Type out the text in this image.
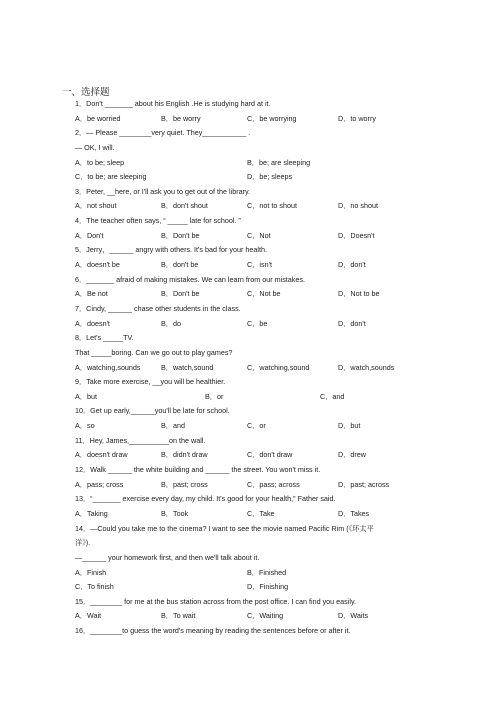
一、选择题
1．Don't _______ about his English .He is studying hard at it.
A．be worried	B．be worry	C．be worrying	D．to worry
2．— Please ________very quiet. They___________ .
— OK, I will.
A．to be; sleep	B．be; are sleeping
C．to be; are sleeping	D．be; sleeps
3．Peter, __here, or I'll ask you to get out of the library.
A．not shout	B．don't shout	C．not to shout	D．no shout
4．The teacher often says, “ _____ late for school. ”
A．Don't	B．Don't be	C．Not	D．Doesn't
5．Jerry，______ angry with others. It's bad for your health.
A．doesn't be	B．don't be	C．isn't	D．don't
6．_______ afraid of making mistakes. We can learn from our mistakes.
A．Be not	B．Don't be	C．Not be	D．Not to be
7．Cindy, ______ chase other students in the class.
A．doesn't	B．do	C．be	D．don't
8．Let's _____TV.
That _____boring. Can we go out to play games?
A．watching,sounds	B．watch,sound	C．watching,sound	D．watch,sounds
9．Take more exercise, __you will be healthier.
A．but	B．or	C．and
10．Get up early,______you'll be late for school.
A．so	B．and	C．or	D．but
11．Hey, James,__________on the wall.
A．doesn't draw	B．didn't draw	C．don't draw	D．drew
12．Walk ______ the white building and ______ the street. You won't miss it.
A．pass; cross	B．past; cross	C．pass; across	D．past; across
13．“_______ exercise every day, my child. It's good for your health,” Father said.
A．Taking	B．Took	C．Take	D．Takes
14．—Could you take me to the cinema? I want to see the movie named Pacific Rim (《环太平
洋》).
—______ your homework first, and then we'll talk about it.
A．Finish	B．Finished
C．To finish	D．Finishing
15．________ for me at the bus station across from the post office. I can find you easily.
A．Wait	B．To wait	C．Waiting	D．Waits
16．________to guess the word's meaning by reading the sentences before or after it.
